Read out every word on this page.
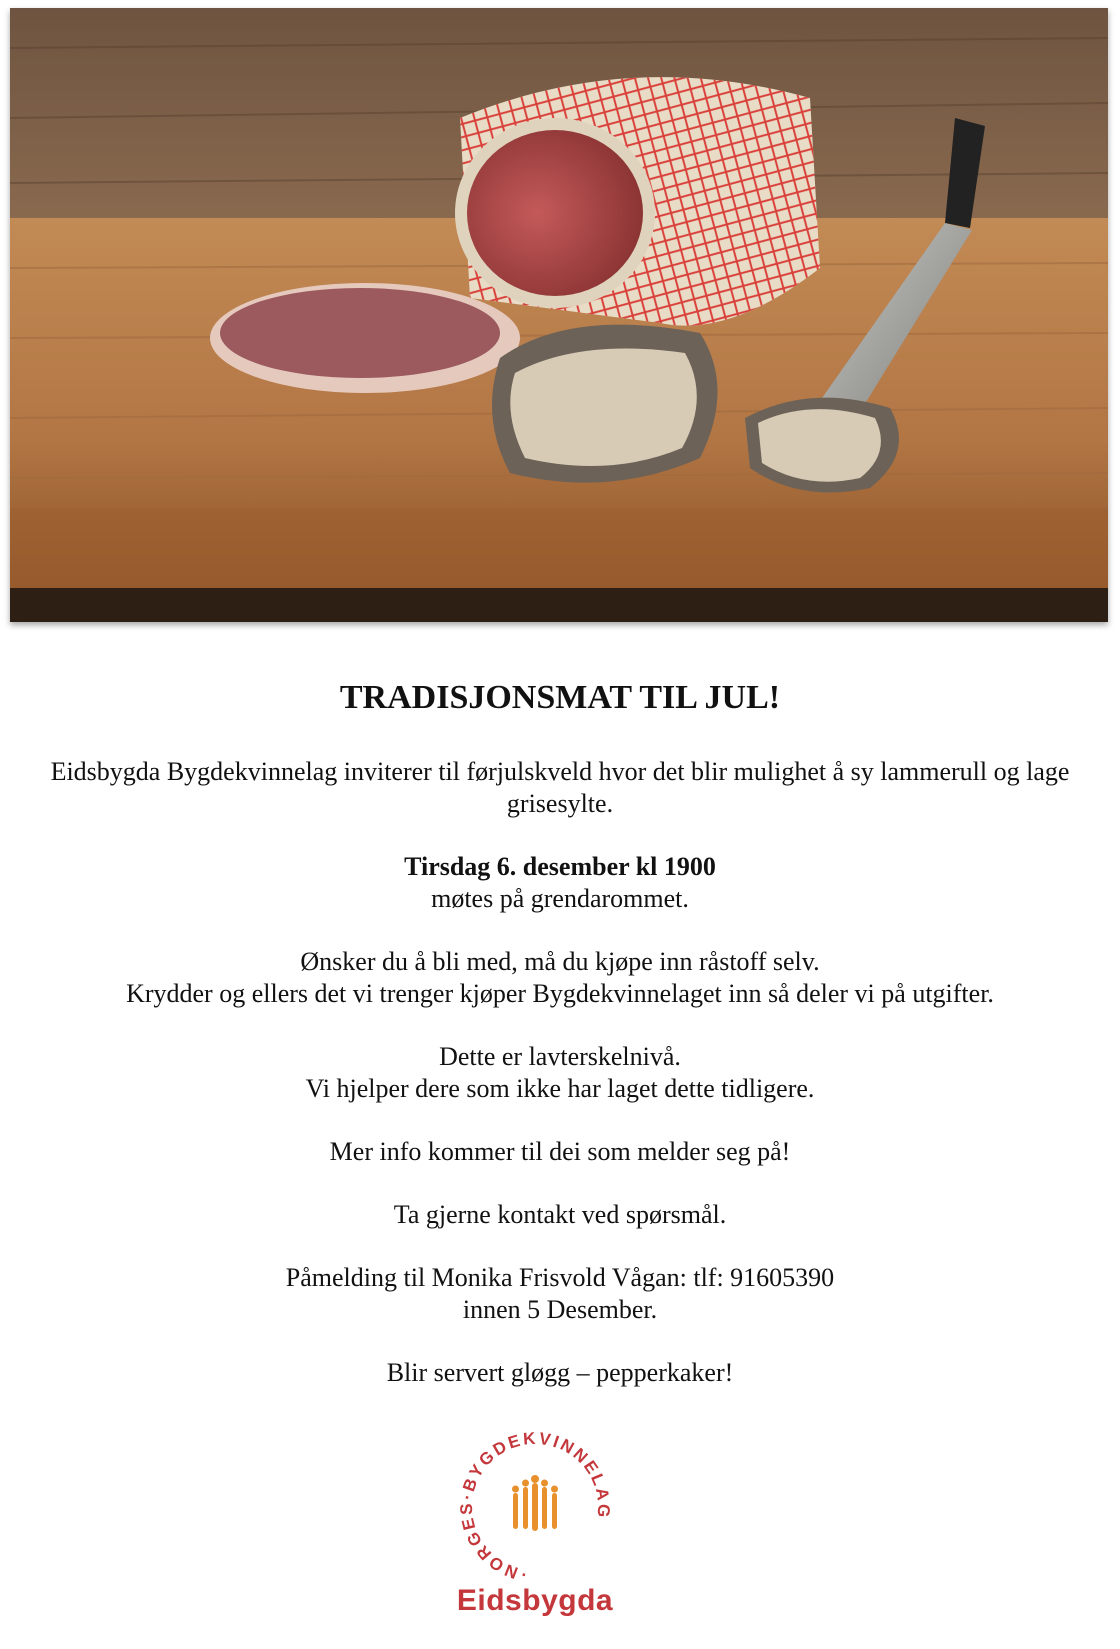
TRADISJONSMAT TIL JUL!
Eidsbygda Bygdekvinnelag inviterer til førjulskveld hvor det blir mulighet å sy lammerull og lage
grisesylte.
Tirsdag 6. desember kl 1900
møtes på grendarommet.
Ønsker du å bli med, må du kjøpe inn råstoff selv.
Krydder og ellers det vi trenger kjøper Bygdekvinnelaget inn så deler vi på utgifter.
Dette er lavterskelnivå.
Vi hjelper dere som ikke har laget dette tidligere.
Mer info kommer til dei som melder seg på!
Ta gjerne kontakt ved spørsmål.
Påmelding til Monika Frisvold Vågan: tlf: 91605390
innen 5 Desember.
Blir servert gløgg – pepperkaker!
·NORGES·BYGDEKVINNELAG
Eidsbygda
